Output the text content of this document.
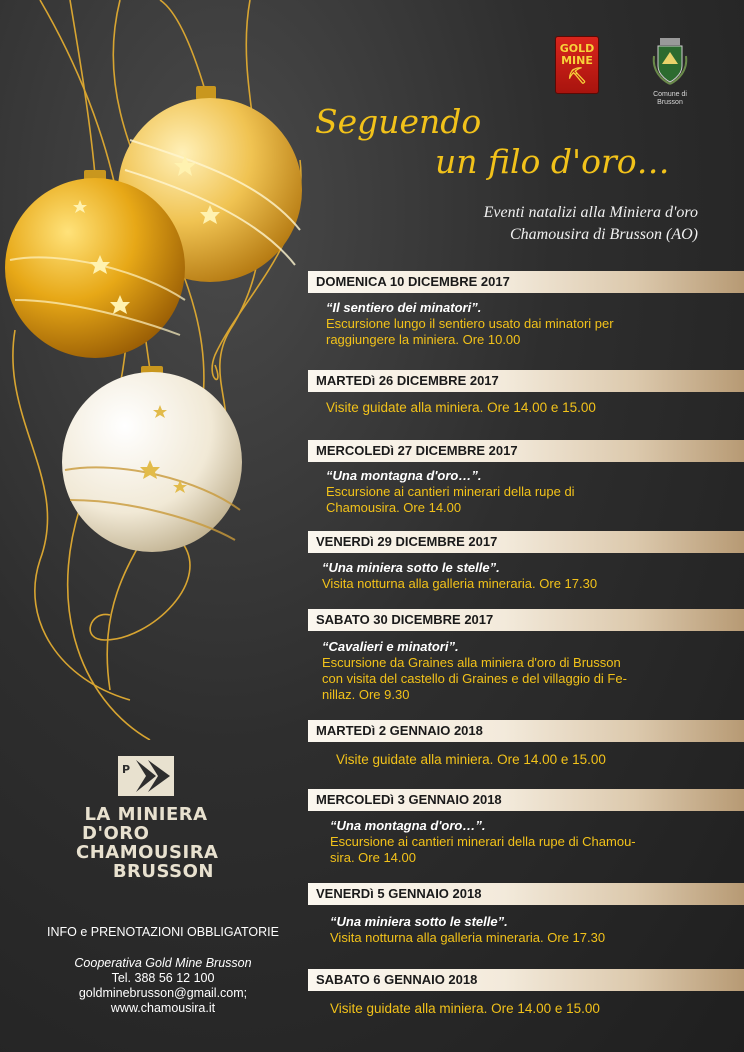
GOLD
MINE
⛏
Comune di
Brusson
Seguendo
un filo d'oro…
Eventi natalizi alla Miniera d'oro
Chamousira di Brusson (AO)
DOMENICA 10 DICEMBRE 2017
“Il sentiero dei minatori”.
Escursione lungo il sentiero usato dai minatori per
raggiungere la miniera. Ore 10.00
MARTEDì 26 DICEMBRE 2017
Visite guidate alla miniera. Ore 14.00 e 15.00
MERCOLEDì 27 DICEMBRE 2017
“Una montagna d'oro…”.
Escursione ai cantieri minerari della rupe di
Chamousira. Ore 14.00
VENERDì 29 DICEMBRE 2017
“Una miniera sotto le stelle”.
Visita notturna alla galleria mineraria. Ore 17.30
SABATO 30 DICEMBRE 2017
“Cavalieri e minatori”.
Escursione da Graines alla miniera d'oro di Brusson
con visita del castello di Graines e del villaggio di Fe-
nillaz. Ore 9.30
MARTEDì 2 GENNAIO 2018
Visite guidate alla miniera. Ore 14.00 e 15.00
MERCOLEDì 3 GENNAIO 2018
“Una montagna d'oro…”.
Escursione ai cantieri minerari della rupe di Chamou-
sira. Ore 14.00
VENERDì 5 GENNAIO 2018
“Una miniera sotto le stelle”.
Visita notturna alla galleria mineraria. Ore 17.30
SABATO 6 GENNAIO 2018
Visite guidate alla miniera. Ore 14.00 e 15.00
P
LA MINIERA
D'ORO
CHAMOUSIRA
BRUSSON
INFO e PRENOTAZIONI OBBLIGATORIE
Cooperativa Gold Mine Brusson
Tel. 388 56 12 100
goldminebrusson@gmail.com;
www.chamousira.it
